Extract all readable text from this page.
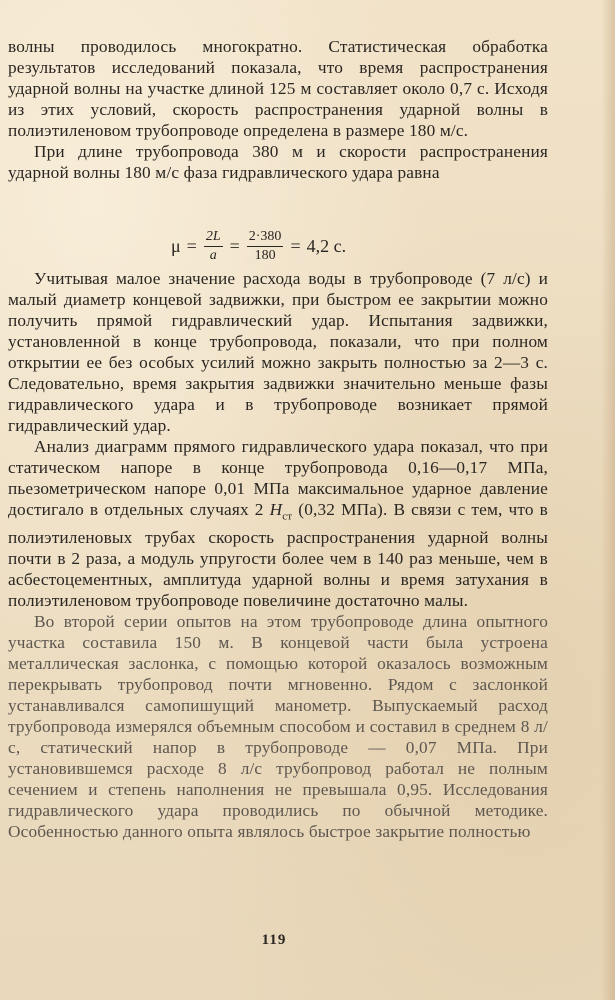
волны проводилось многократно. Статистическая обработка результатов исследований показала, что время распространения ударной волны на участке длиной 125 м составляет около 0,7 с. Исходя из этих условий, скорость распространения ударной волны в полиэтиленовом трубопроводе определена в размере 180 м/с.

При длине трубопровода 380 м и скорости распространения ударной волны 180 м/с фаза гидравлического удара равна

$\mu = \frac{2L}{a} = \frac{2\cdot 380}{180} = 4,2$ с.

Учитывая малое значение расхода воды в трубопроводе (7 л/с) и малый диаметр концевой задвижки, при быстром ее закрытии можно получить прямой гидравлический удар. Испытания задвижки, установленной в конце трубопровода, показали, что при полном открытии ее без особых усилий можно закрыть полностью за 2—3 с. Следовательно, время закрытия задвижки значительно меньше фазы гидравлического удара и в трубопроводе возникает прямой гидравлический удар.

Анализ диаграмм прямого гидравлического удара показал, что при статическом напоре в конце трубопровода 0,16—0,17 МПа, пьезометрическом напоре 0,01 МПа максимальное ударное давление достигало в отдельных случаях 2 $H_{ст}$ (0,32 МПа). В связи с тем, что в полиэтиленовых трубах скорость распространения ударной волны почти в 2 раза, а модуль упругости более чем в 140 раз меньше, чем в асбестоцементных, амплитуда ударной волны и время затухания в полиэтиленовом трубопроводе повеличине достаточно малы.

Во второй серии опытов на этом трубопроводе длина опытного участка составила 150 м. В концевой части была устроена металлическая заслонка, с помощью которой оказалось возможным перекрывать трубопровод почти мгновенно. Рядом с заслонкой устанавливался самопишущий манометр. Выпускаемый расход трубопровода измерялся объемным способом и составил в среднем 8 л/с, статический напор в трубопроводе — 0,07 МПа. При установившемся расходе 8 л/с трубопровод работал не полным сечением и степень наполнения не превышала 0,95. Исследования гидравлического удара проводились по обычной методике. Особенностью данного опыта являлось быстрое закрытие полностью

119
